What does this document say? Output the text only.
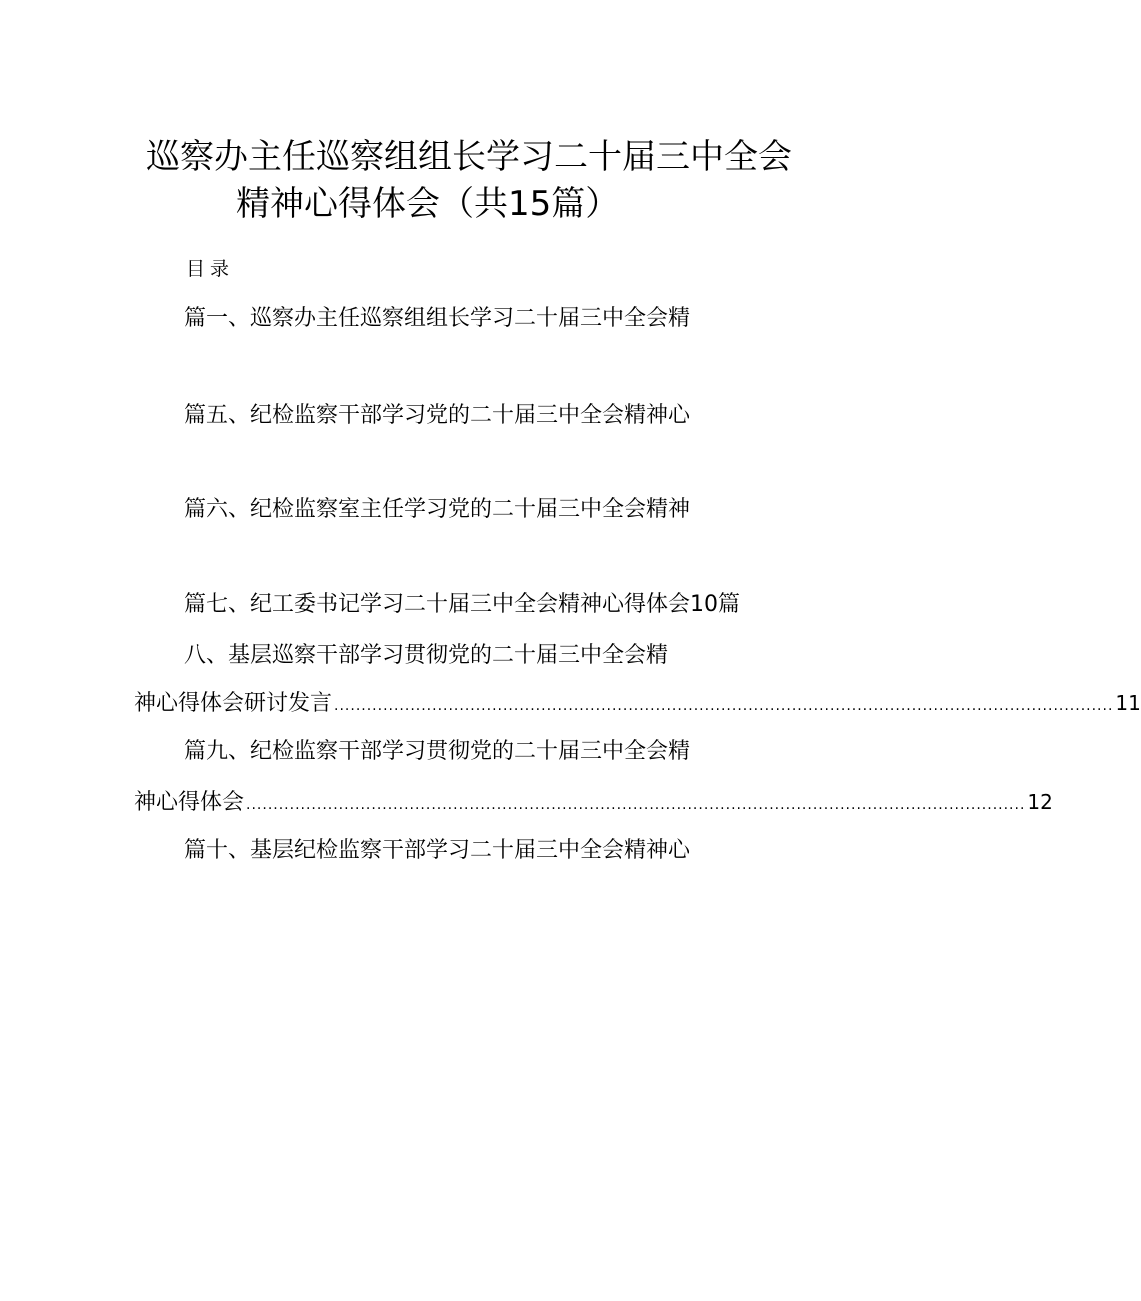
巡察办主任巡察组组长学习二十届三中全会
精神心得体会（共15篇）
目录
篇一、巡察办主任巡察组组长学习二十届三中全会精
篇五、纪检监察干部学习党的二十届三中全会精神心
篇六、纪检监察室主任学习党的二十届三中全会精神
篇七、纪工委书记学习二十届三中全会精神心得体会10篇
八、基层巡察干部学习贯彻党的二十届三中全会精
神心得体会研讨发言 ............................................................................................................................................... 11
篇九、纪检监察干部学习贯彻党的二十届三中全会精
神心得体会 ............................................................................................................................................... 12
篇十、基层纪检监察干部学习二十届三中全会精神心
